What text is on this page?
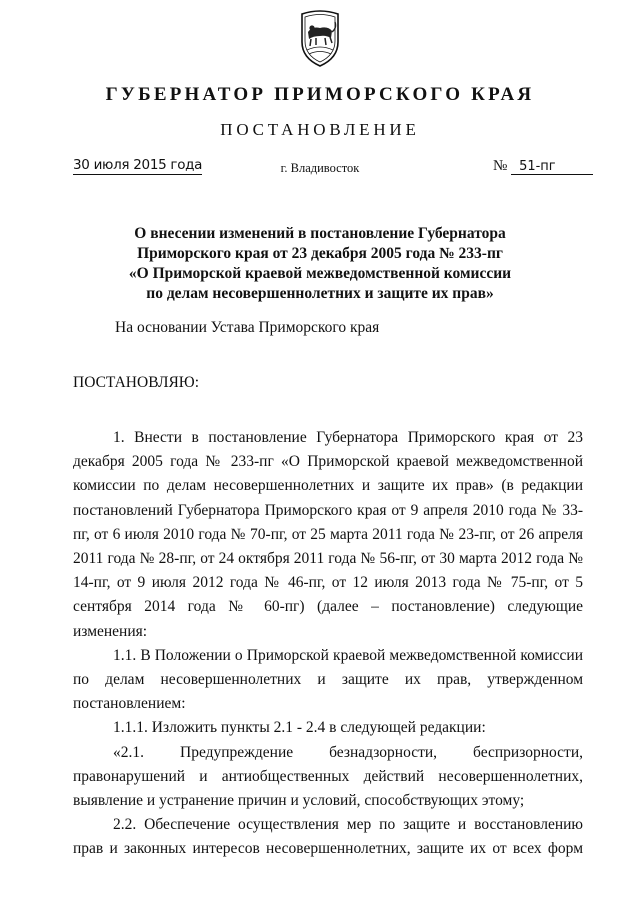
ГУБЕРНАТОР ПРИМОРСКОГО КРАЯ
ПОСТАНОВЛЕНИЕ
30 июля 2015 года	г. Владивосток	№ 51-пг
О внесении изменений в постановление Губернатора
Приморского края от 23 декабря 2005 года № 233-пг
«О Приморской краевой межведомственной комиссии
по делам несовершеннолетних и защите их прав»
На основании Устава Приморского края
ПОСТАНОВЛЯЮ:

1. Внести в постановление Губернатора Приморского края от 23 декабря 2005 года № 233-пг «О Приморской краевой межведомственной комиссии по делам несовершеннолетних и защите их прав» (в редакции постановлений Губернатора Приморского края от 9 апреля 2010 года № 33-пг, от 6 июля 2010 года № 70-пг, от 25 марта 2011 года № 23-пг, от 26 апреля 2011 года № 28-пг, от 24 октября 2011 года № 56-пг, от 30 марта 2012 года № 14-пг, от 9 июля 2012 года № 46-пг, от 12 июля 2013 года № 75-пг, от 5 сентября 2014 года № 60-пг) (далее – постановление) следующие изменения:

1.1. В Положении о Приморской краевой межведомственной комиссии по делам несовершеннолетних и защите их прав, утвержденном постановлением:

1.1.1. Изложить пункты 2.1 - 2.4 в следующей редакции:

«2.1. Предупреждение безнадзорности, беспризорности, правонарушений и антиобщественных действий несовершеннолетних, выявление и устранение причин и условий, способствующих этому;

2.2. Обеспечение осуществления мер по защите и восстановлению прав и законных интересов несовершеннолетних, защите их от всех форм
